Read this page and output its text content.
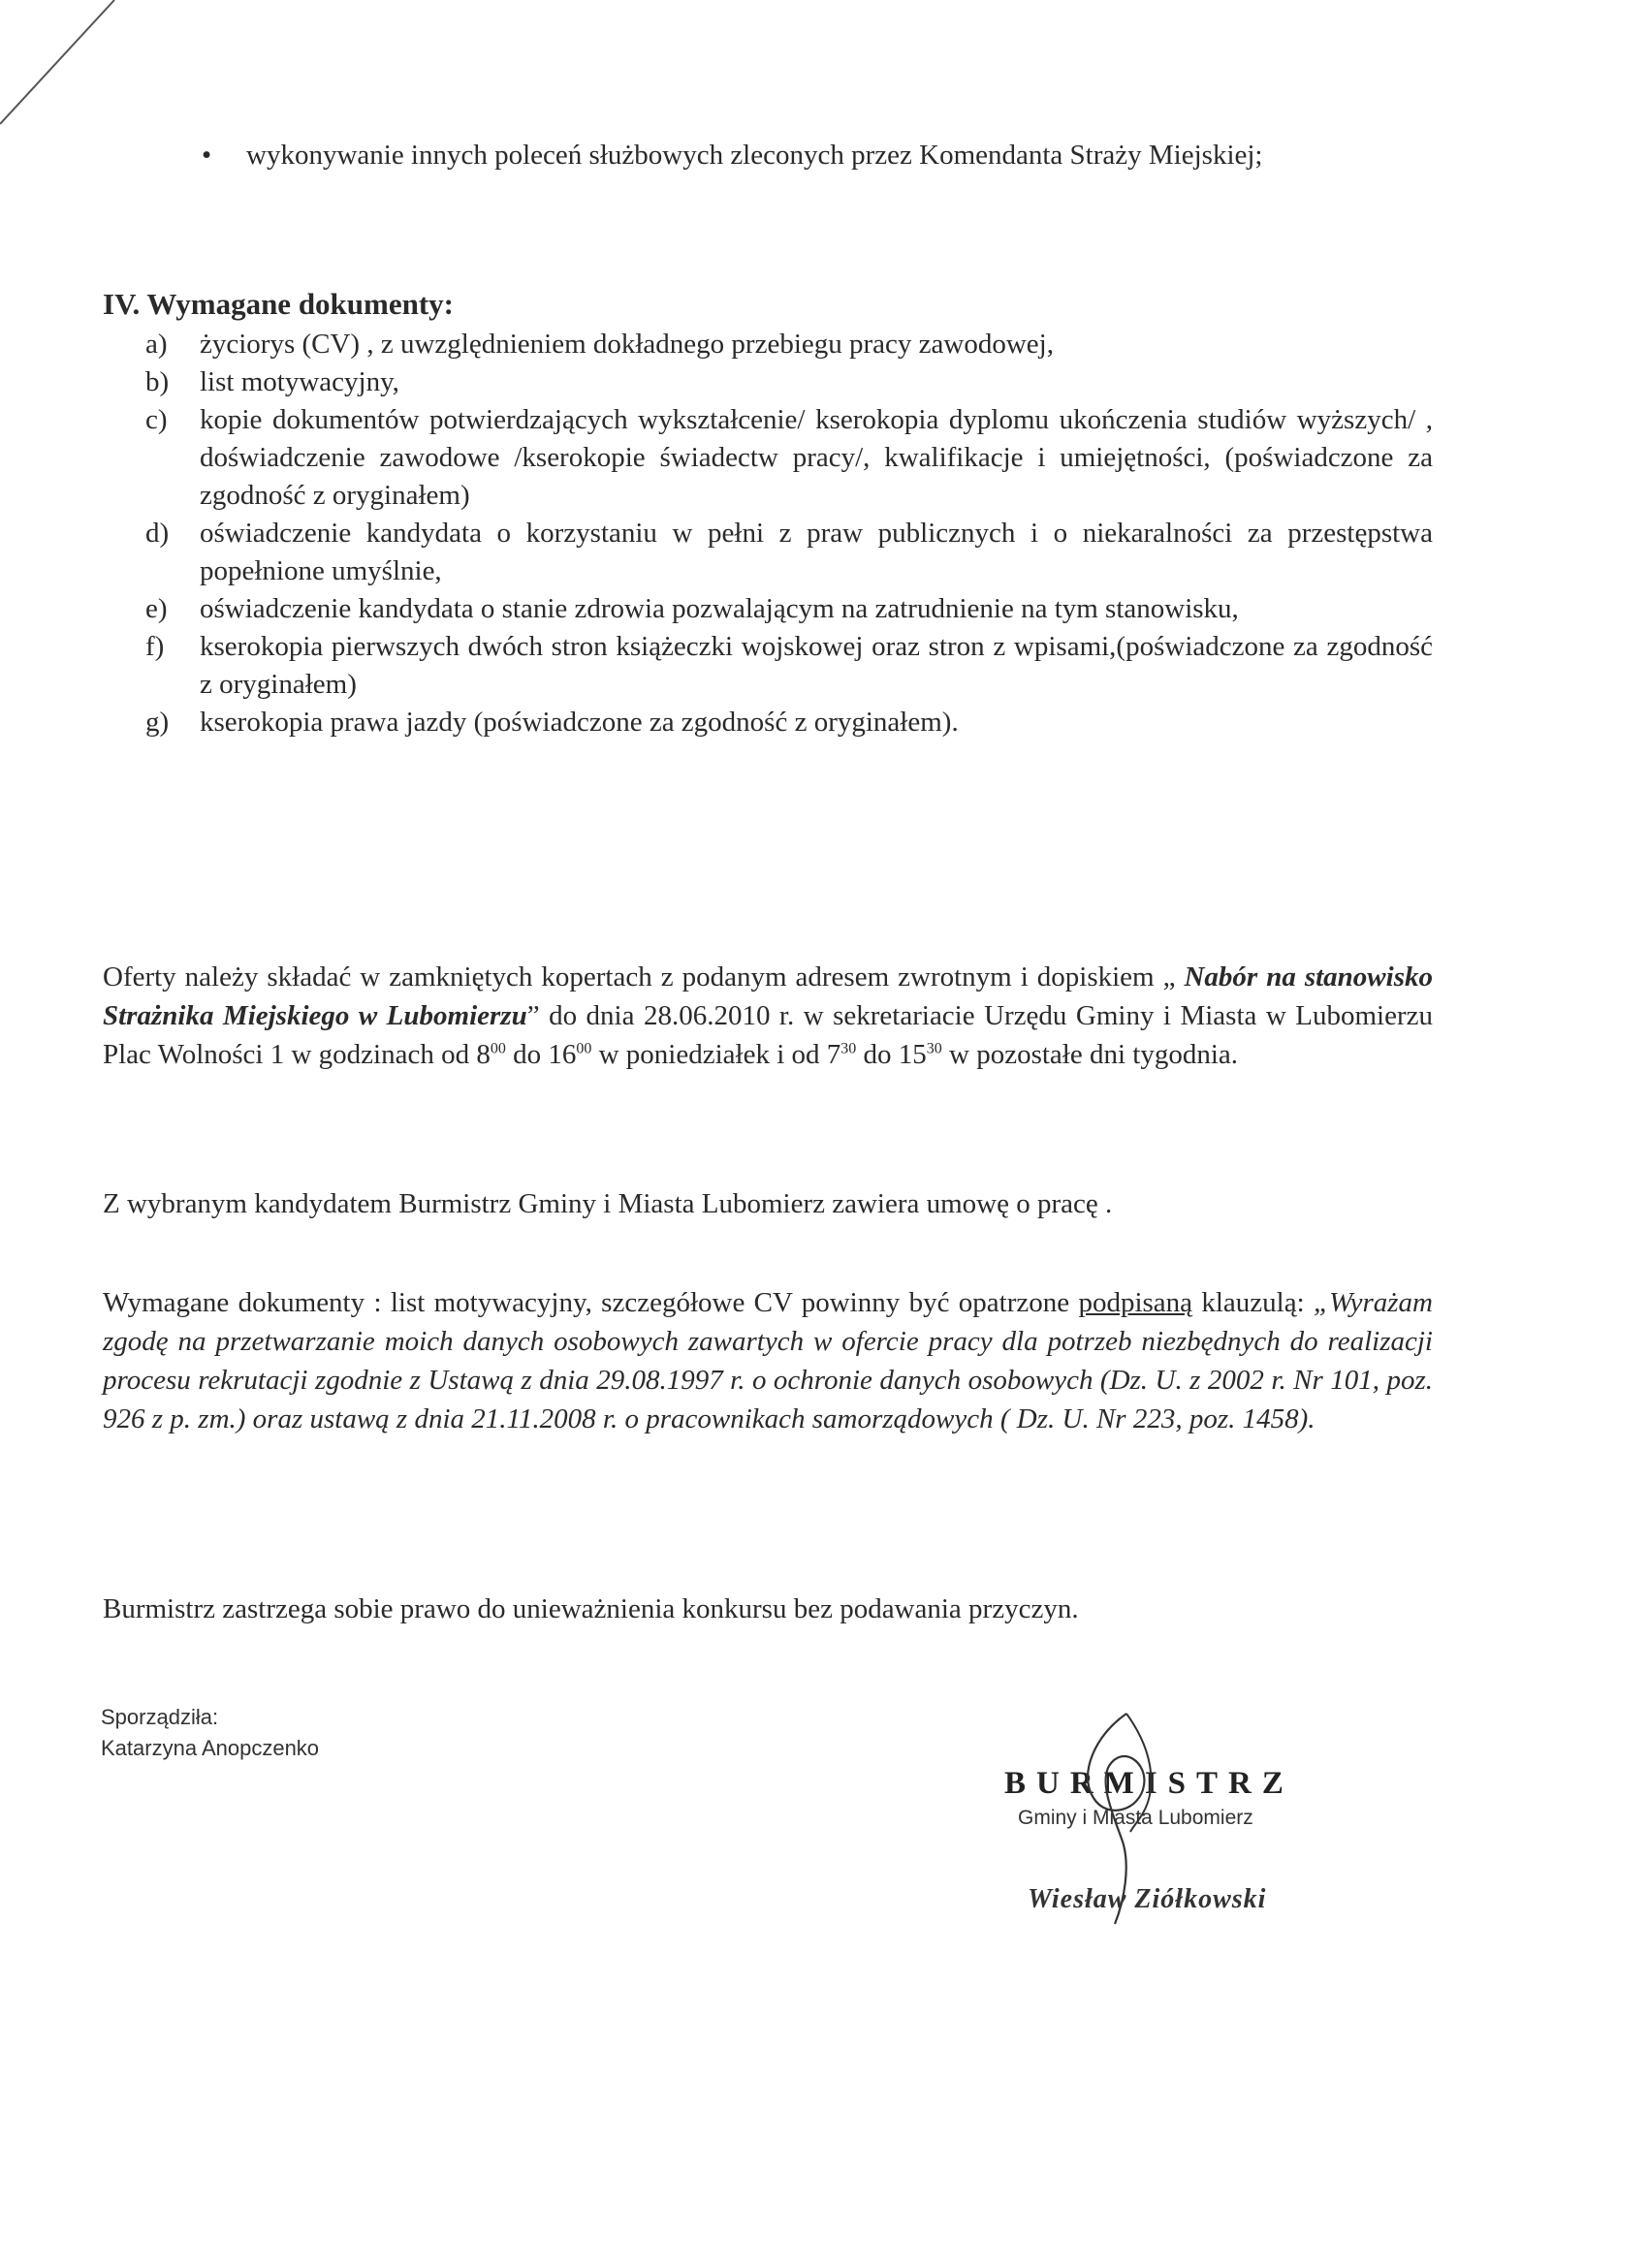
• wykonywanie innych poleceń służbowych zleconych przez Komendanta Straży Miejskiej;
IV. Wymagane dokumenty:
a) życiorys (CV) , z uwzględnieniem dokładnego przebiegu pracy zawodowej,
b) list motywacyjny,
c) kopie dokumentów potwierdzających wykształcenie/ kserokopia dyplomu ukończenia studiów wyższych/ , doświadczenie zawodowe /kserokopie świadectw pracy/, kwalifikacje i umiejętności, (poświadczone za zgodność z oryginałem)
d) oświadczenie kandydata o korzystaniu w pełni z praw publicznych i o niekaralności za przestępstwa popełnione umyślnie,
e) oświadczenie kandydata o stanie zdrowia pozwalającym na zatrudnienie na tym stanowisku,
f) kserokopia pierwszych dwóch stron książeczki wojskowej oraz stron z wpisami,(poświadczone za zgodność z oryginałem)
g) kserokopia prawa jazdy (poświadczone za zgodność z oryginałem).
Oferty należy składać w zamkniętych kopertach z podanym adresem zwrotnym i dopiskiem „ Nabór na stanowisko Strażnika Miejskiego w Lubomierzu” do dnia 28.06.2010 r. w sekretariacie Urzędu Gminy i Miasta w Lubomierzu Plac Wolności 1 w godzinach od $8^{00}$ do $16^{00}$ w poniedziałek i od $7^{30}$ do $15^{30}$ w pozostałe dni tygodnia.
Z wybranym kandydatem Burmistrz Gminy i Miasta Lubomierz zawiera umowę o pracę .
Wymagane dokumenty : list motywacyjny, szczegółowe CV powinny być opatrzone podpisaną klauzulą: „Wyrażam zgodę na przetwarzanie moich danych osobowych zawartych w ofercie pracy dla potrzeb niezbędnych do realizacji procesu rekrutacji zgodnie z Ustawą z dnia 29.08.1997 r. o ochronie danych osobowych (Dz. U. z 2002 r. Nr 101, poz. 926 z p. zm.) oraz ustawą z dnia 21.11.2008 r. o pracownikach samorządowych ( Dz. U. Nr 223, poz. 1458).
Burmistrz zastrzega sobie prawo do unieważnienia konkursu bez podawania przyczyn.
Sporządziła:
Katarzyna Anopczenko
BURMISTRZ
Gminy i Miasta Lubomierz
Wiesław Ziółkowski
